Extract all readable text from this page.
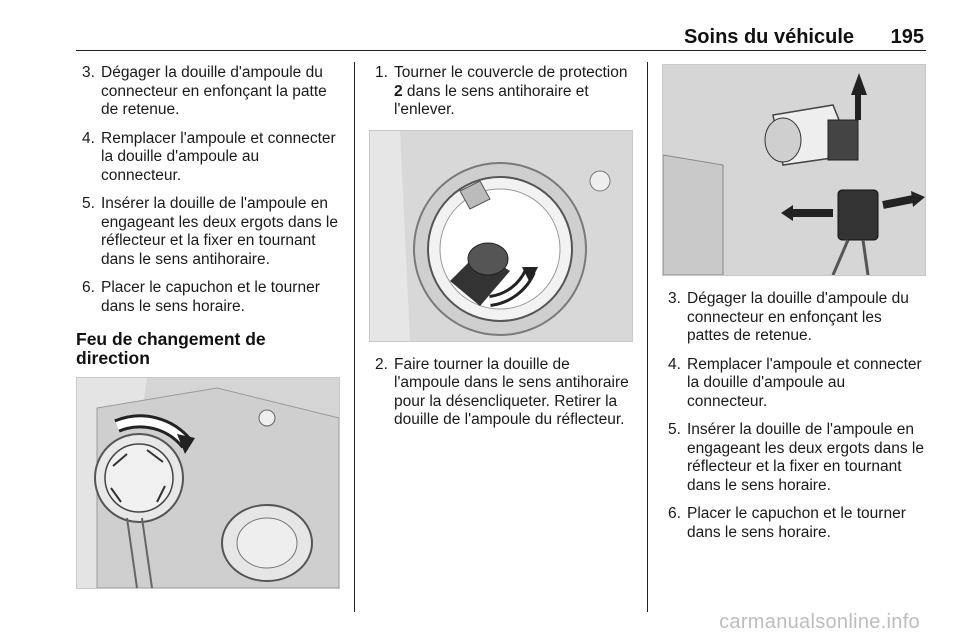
Soins du véhicule 195
3. Dégager la douille d'ampoule du connecteur en enfonçant la patte de retenue.
4. Remplacer l'ampoule et connecter la douille d'ampoule au connecteur.
5. Insérer la douille de l'ampoule en engageant les deux ergots dans le réflecteur et la fixer en tournant dans le sens antihoraire.
6. Placer le capuchon et le tourner dans le sens horaire.
Feu de changement de direction
1. Tourner le couvercle de protection 2 dans le sens antihoraire et l'enlever.
2. Faire tourner la douille de l'ampoule dans le sens antihoraire pour la désencliqueter. Retirer la douille de l'ampoule du réflecteur.
3. Dégager la douille d'ampoule du connecteur en enfonçant les pattes de retenue.
4. Remplacer l'ampoule et connecter la douille d'ampoule au connecteur.
5. Insérer la douille de l'ampoule en engageant les deux ergots dans le réflecteur et la fixer en tournant dans le sens horaire.
6. Placer le capuchon et le tourner dans le sens horaire.
carmanualsonline.info
